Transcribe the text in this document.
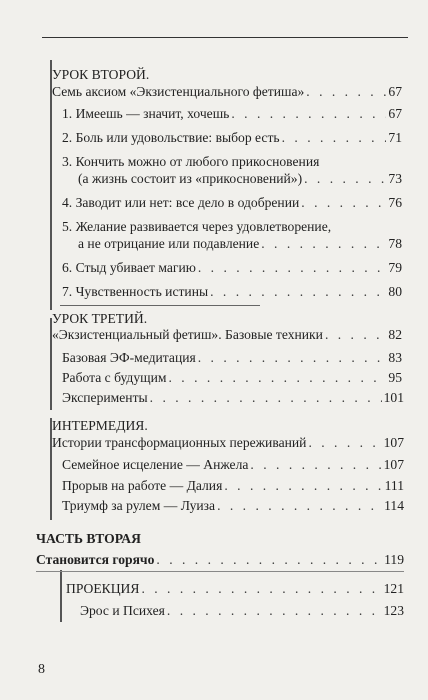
УРОК ВТОРОЙ.
Семь аксиом «Экзистенциального фетиша» . . .	67
1. Имеешь — значит, хочешь . . .	67
2. Боль или удовольствие: выбор есть . . .	71
3. Кончить можно от любого прикосновения
(а жизнь состоит из «прикосновений») . . .	73
4. Заводит или нет: все дело в одобрении . . .	76
5. Желание развивается через удовлетворение,
а не отрицание или подавление . . .	78
6. Стыд убивает магию . . .	79
7. Чувственность истины . . .	80
УРОК ТРЕТИЙ.
«Экзистенциальный фетиш». Базовые техники . . .	82
Базовая ЭФ-медитация . . .	83
Работа с будущим . . .	95
Эксперименты . . .	101
ИНТЕРМЕДИЯ.
Истории трансформационных переживаний . . .	107
Семейное исцеление — Анжела . . .	107
Прорыв на работе — Далия . . .	111
Триумф за рулем — Луиза . . .	114
ЧАСТЬ ВТОРАЯ
Становится горячо . . .	119
ПРОЕКЦИЯ . . .	121
Эрос и Психея . . .	123
8
